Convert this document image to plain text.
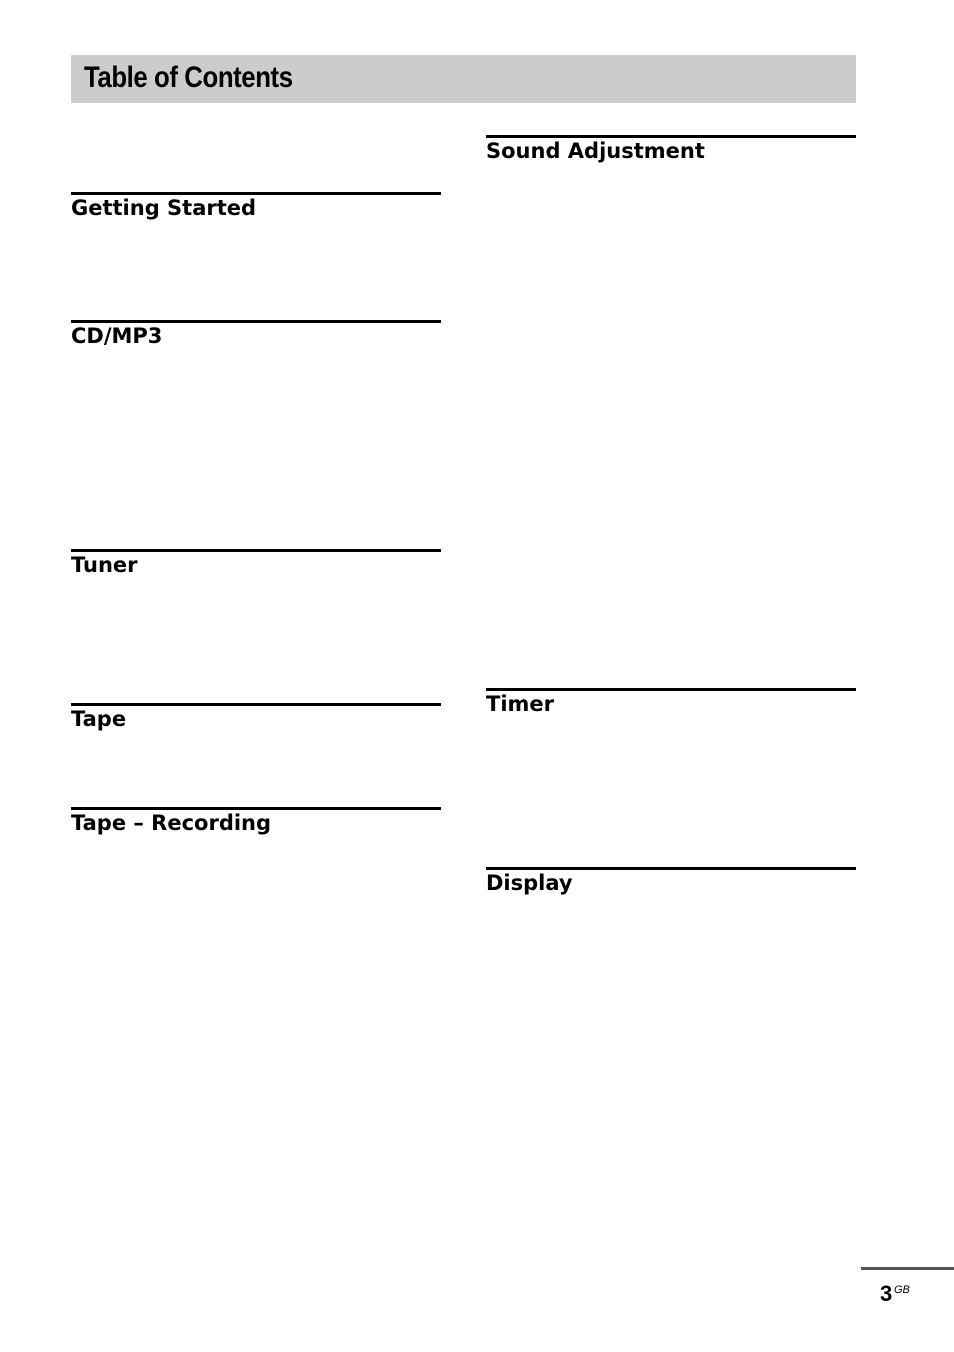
Table of Contents
Getting Started
CD/MP3
Tuner
Tape
Tape – Recording
Sound Adjustment
Timer
Display
3 GB
